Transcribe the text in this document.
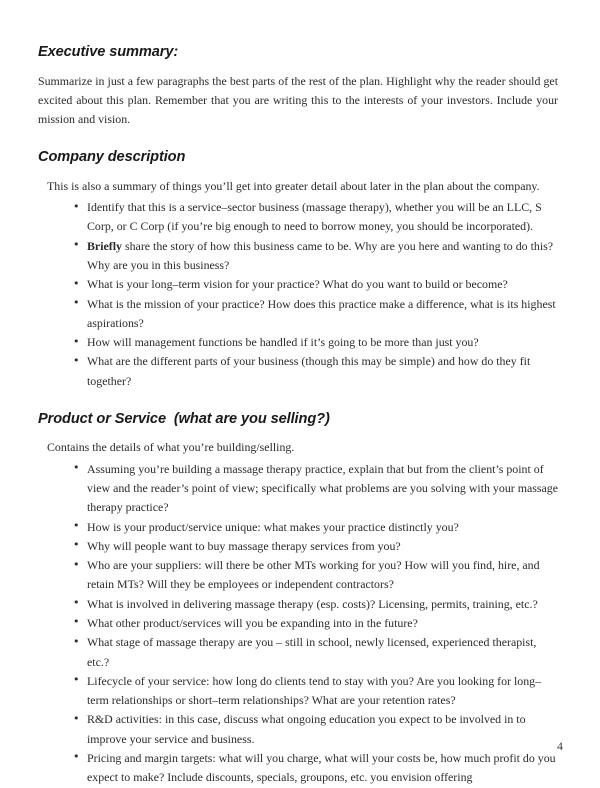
Executive summary:

Summarize in just a few paragraphs the best parts of the rest of the plan. Highlight why the reader should get excited about this plan. Remember that you are writing this to the interests of your investors. Include your mission and vision.

Company description

This is also a summary of things you’ll get into greater detail about later in the plan about the company.

• Identify that this is a service–sector business (massage therapy), whether you will be an LLC, S Corp, or C Corp (if you’re big enough to need to borrow money, you should be incorporated).
• Briefly share the story of how this business came to be. Why are you here and wanting to do this? Why are you in this business?
• What is your long–term vision for your practice? What do you want to build or become?
• What is the mission of your practice? How does this practice make a difference, what is its highest aspirations?
• How will management functions be handled if it’s going to be more than just you?
• What are the different parts of your business (though this may be simple) and how do they fit together?
Product or Service  (what are you selling?)

Contains the details of what you’re building/selling.

• Assuming you’re building a massage therapy practice, explain that but from the client’s point of view and the reader’s point of view; specifically what problems are you solving with your massage therapy practice?
• How is your product/service unique: what makes your practice distinctly you?
• Why will people want to buy massage therapy services from you?
• Who are your suppliers: will there be other MTs working for you? How will you find, hire, and retain MTs? Will they be employees or independent contractors?
• What is involved in delivering massage therapy (esp. costs)? Licensing, permits, training, etc.?
• What other product/services will you be expanding into in the future?
• What stage of massage therapy are you – still in school, newly licensed, experienced therapist, etc.?
• Lifecycle of your service: how long do clients tend to stay with you? Are you looking for long–term relationships or short–term relationships? What are your retention rates?
• R&D activities: in this case, discuss what ongoing education you expect to be involved in to improve your service and business.
• Pricing and margin targets: what will you charge, what will your costs be, how much profit do you expect to make? Include discounts, specials, groupons, etc. you envision offering
4
